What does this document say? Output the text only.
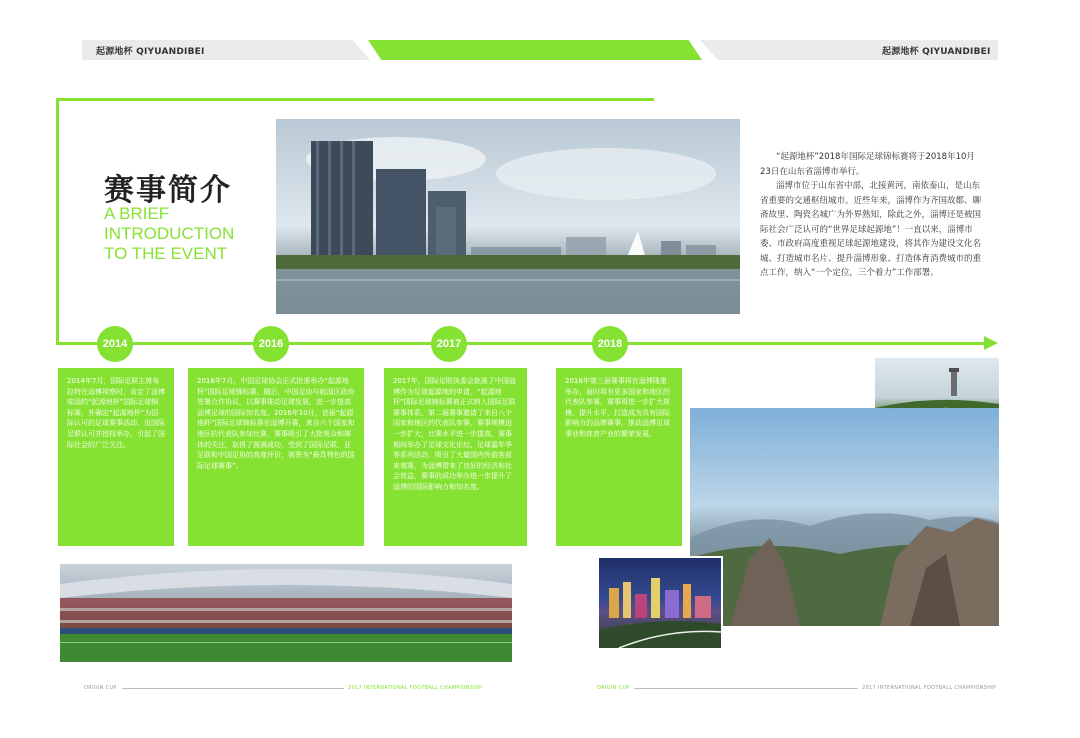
起源地杯 QIYUANDIBEI	起源地杯 QIYUANDIBEI
赛事简介
A BRIEF
INTRODUCTION
TO THE EVENT

“起源地杯”2018年国际足球锦标赛将于2018年10月23日在山东省淄博市举行。

淄博市位于山东省中部，北接黄河，南依泰山，是山东省重要的交通枢纽城市。近些年来，淄博作为齐国故都、聊斋故里、陶瓷名城广为外界熟知，除此之外，淄博还是被国际社会广泛认可的“世界足球起源地”！一直以来，淄博市委、市政府高度重视足球起源地建设，将其作为建设文化名城、打造城市名片、提升淄博形象、打造体育消费城市的重点工作，纳入“一个定位，三个着力”工作部署。

2014	2016	2017	2018
2014年7月，国际足联主席布拉特在淄博视察时，肯定了淄博临淄的“起源地杯”国际足球锦标赛，并确定“起源地杯”为国际认可的足球赛事活动，由国际足联认可并授权举办，引起了国际社会的广泛关注。
2016年7月，中国足球协会正式批准举办“起源地杯”国际足球锦标赛。随后，中国足协与临淄区政府签署合作协议，以赛事推动足球发展，进一步提高淄博足球的国际知名度。2016年10月，首届“起源地杯”国际足球锦标赛在淄博开赛，来自六个国家和地区的代表队参加比赛，赛事吸引了大批观众和媒体的关注，取得了圆满成功，受到了国际足联、亚足联和中国足协的高度评价，被誉为“最具特色的国际足球赛事”。
2017年，国际足联执委会批准了中国淄博作为足球起源地的申请，“起源地杯”国际足球锦标赛被正式纳入国际足联赛事体系。第二届赛事邀请了来自八个国家和地区的代表队参赛，赛事规模进一步扩大，比赛水平进一步提高，赛事期间举办了足球文化论坛、足球嘉年华等系列活动，吸引了大量国内外游客前来观赛，为淄博带来了良好的经济和社会效益，赛事的成功举办进一步提升了淄博的国际影响力和知名度。
2018年第三届赛事将在淄博隆重举办，届时将有更多国家和地区的代表队参赛，赛事将进一步扩大规模，提升水平，打造成为具有国际影响力的品牌赛事，推动淄博足球事业和体育产业的繁荣发展。
ORIGIN CUP	2017 INTERNATIONAL FOOTBALL CHAMPIONSHIP	ORIGIN CUP	2017 INTERNATIONAL FOOTBALL CHAMPIONSHIP
